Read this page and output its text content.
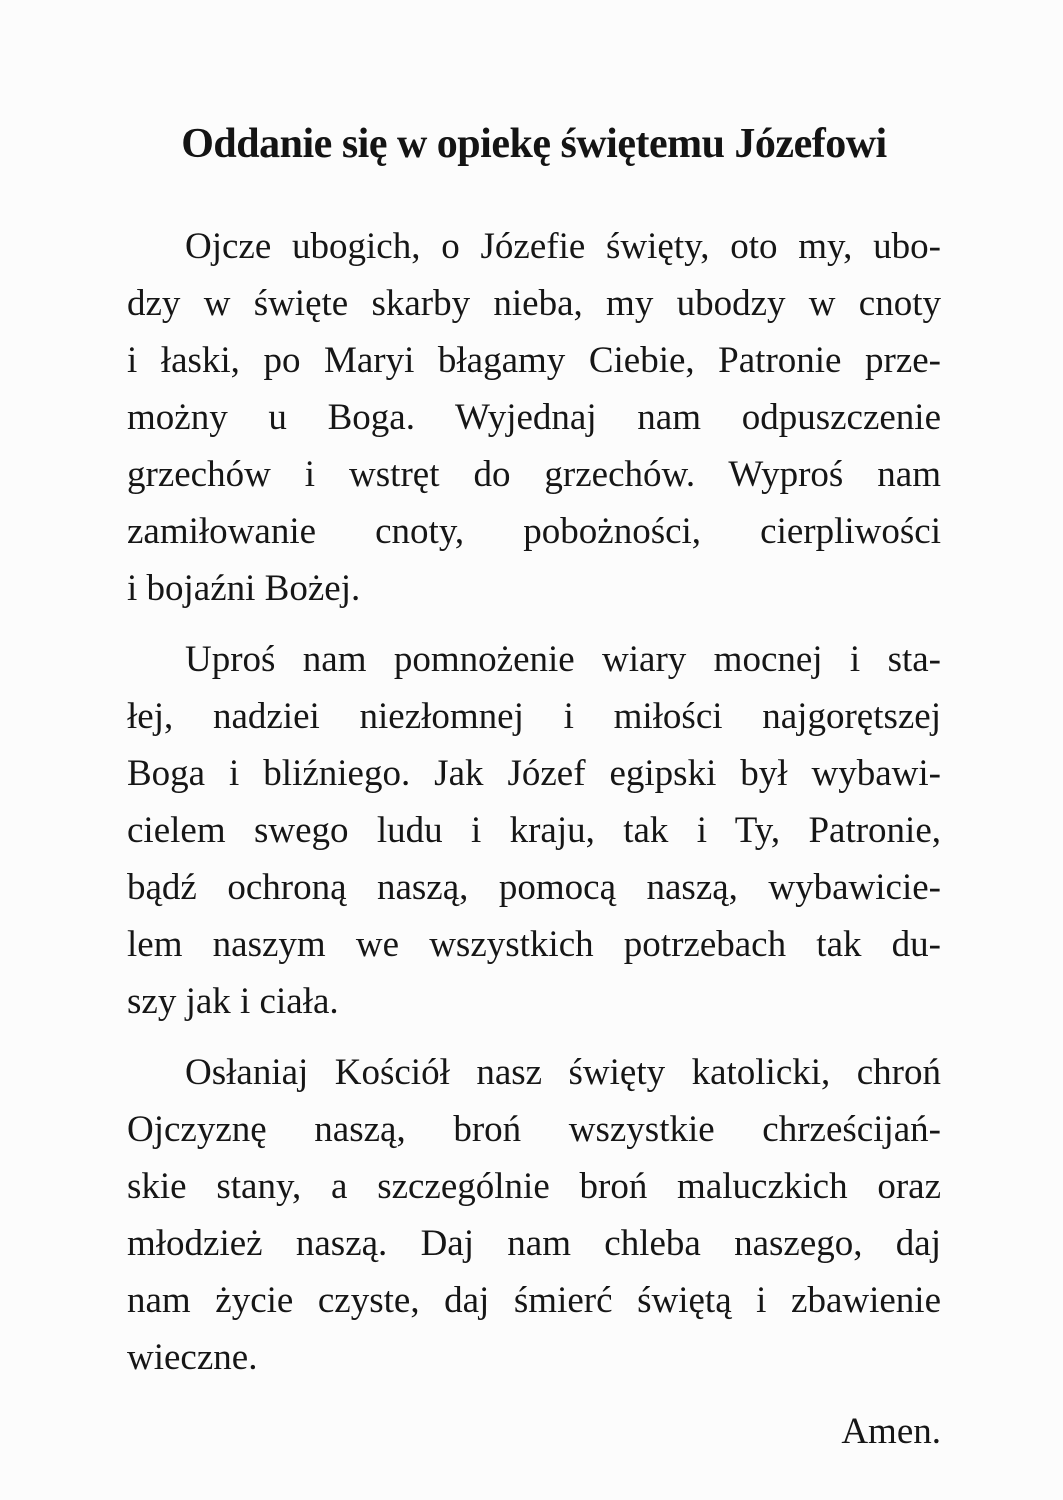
Oddanie się w opiekę świętemu Józefowi
Ojcze ubogich, o Józefie święty, oto my, ubo-
dzy w święte skarby nieba, my ubodzy w cnoty
i łaski, po Maryi błagamy Ciebie, Patronie prze-
możny u Boga. Wyjednaj nam odpuszczenie
grzechów i wstręt do grzechów. Wyproś nam
zamiłowanie cnoty, pobożności, cierpliwości
i bojaźni Bożej.
Uproś nam pomnożenie wiary mocnej i sta-
łej, nadziei niezłomnej i miłości najgorętszej
Boga i bliźniego. Jak Józef egipski był wybawi-
cielem swego ludu i kraju, tak i Ty, Patronie,
bądź ochroną naszą, pomocą naszą, wybawicie-
lem naszym we wszystkich potrzebach tak du-
szy jak i ciała.
Osłaniaj Kościół nasz święty katolicki, chroń
Ojczyznę naszą, broń wszystkie chrześcijań-
skie stany, a szczególnie broń maluczkich oraz
młodzież naszą. Daj nam chleba naszego, daj
nam życie czyste, daj śmierć świętą i zbawienie
wieczne.
Amen.
